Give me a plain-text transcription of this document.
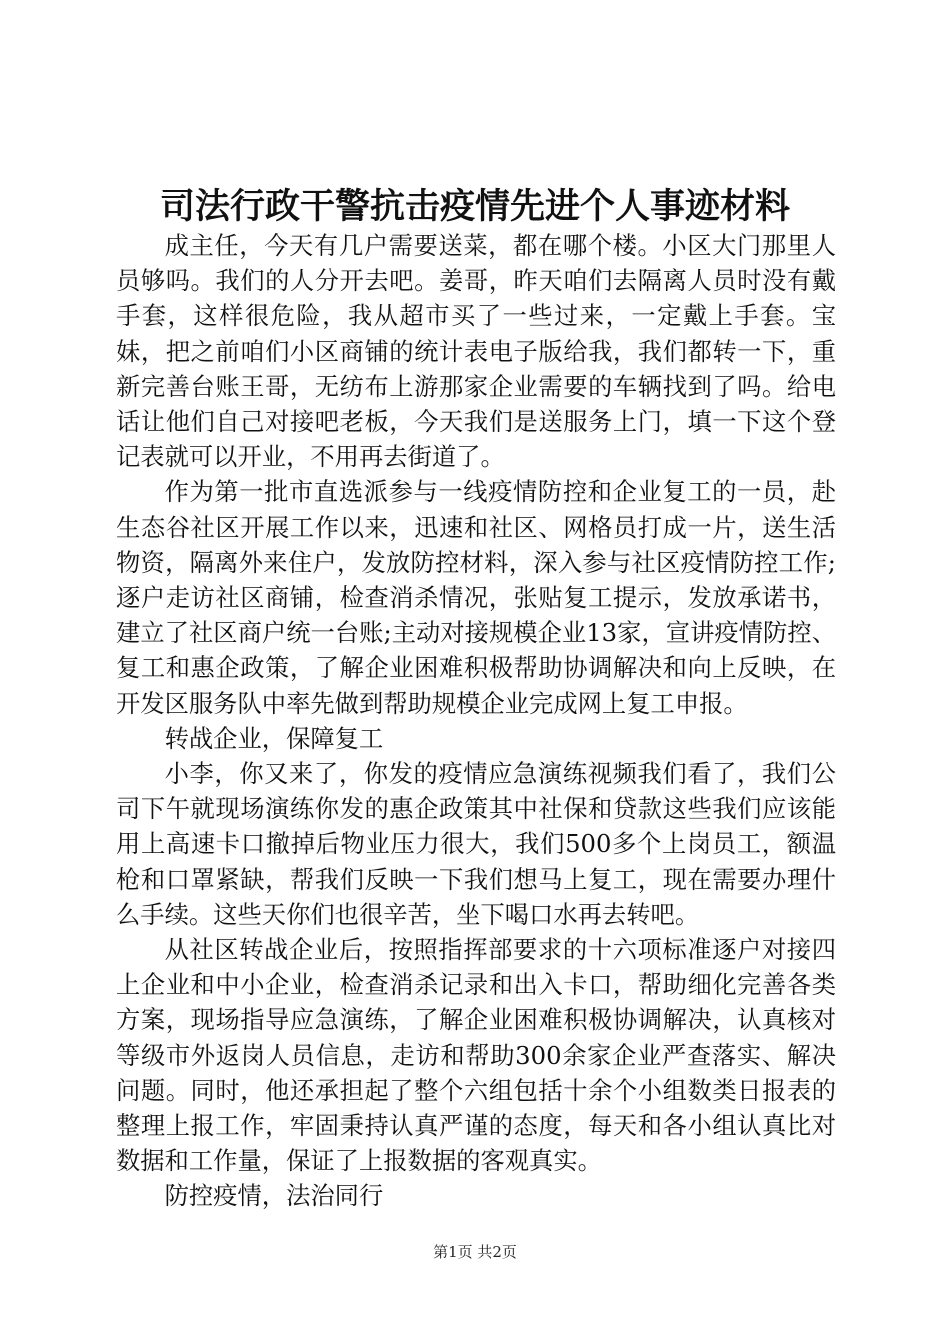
司法行政干警抗击疫情先进个人事迹材料

成主任，今天有几户需要送菜，都在哪个楼。小区大门那里人员够吗。我们的人分开去吧。姜哥，昨天咱们去隔离人员时没有戴手套，这样很危险，我从超市买了一些过来，一定戴上手套。宝妹，把之前咱们小区商铺的统计表电子版给我，我们都转一下，重新完善台账王哥，无纺布上游那家企业需要的车辆找到了吗。给电话让他们自己对接吧老板，今天我们是送服务上门，填一下这个登记表就可以开业，不用再去街道了。

作为第一批市直选派参与一线疫情防控和企业复工的一员，赴生态谷社区开展工作以来，迅速和社区、网格员打成一片，送生活物资，隔离外来住户，发放防控材料，深入参与社区疫情防控工作;逐户走访社区商铺，检查消杀情况，张贴复工提示，发放承诺书，建立了社区商户统一台账;主动对接规模企业13家，宣讲疫情防控、复工和惠企政策，了解企业困难积极帮助协调解决和向上反映，在开发区服务队中率先做到帮助规模企业完成网上复工申报。

转战企业，保障复工

小李，你又来了，你发的疫情应急演练视频我们看了，我们公司下午就现场演练你发的惠企政策其中社保和贷款这些我们应该能用上高速卡口撤掉后物业压力很大，我们500多个上岗员工，额温枪和口罩紧缺，帮我们反映一下我们想马上复工，现在需要办理什么手续。这些天你们也很辛苦，坐下喝口水再去转吧。

从社区转战企业后，按照指挥部要求的十六项标准逐户对接四上企业和中小企业，检查消杀记录和出入卡口，帮助细化完善各类方案，现场指导应急演练，了解企业困难积极协调解决，认真核对等级市外返岗人员信息，走访和帮助300余家企业严查落实、解决问题。同时，他还承担起了整个六组包括十余个小组数类日报表的整理上报工作，牢固秉持认真严谨的态度，每天和各小组认真比对数据和工作量，保证了上报数据的客观真实。

防控疫情，法治同行

第1页 共2页
